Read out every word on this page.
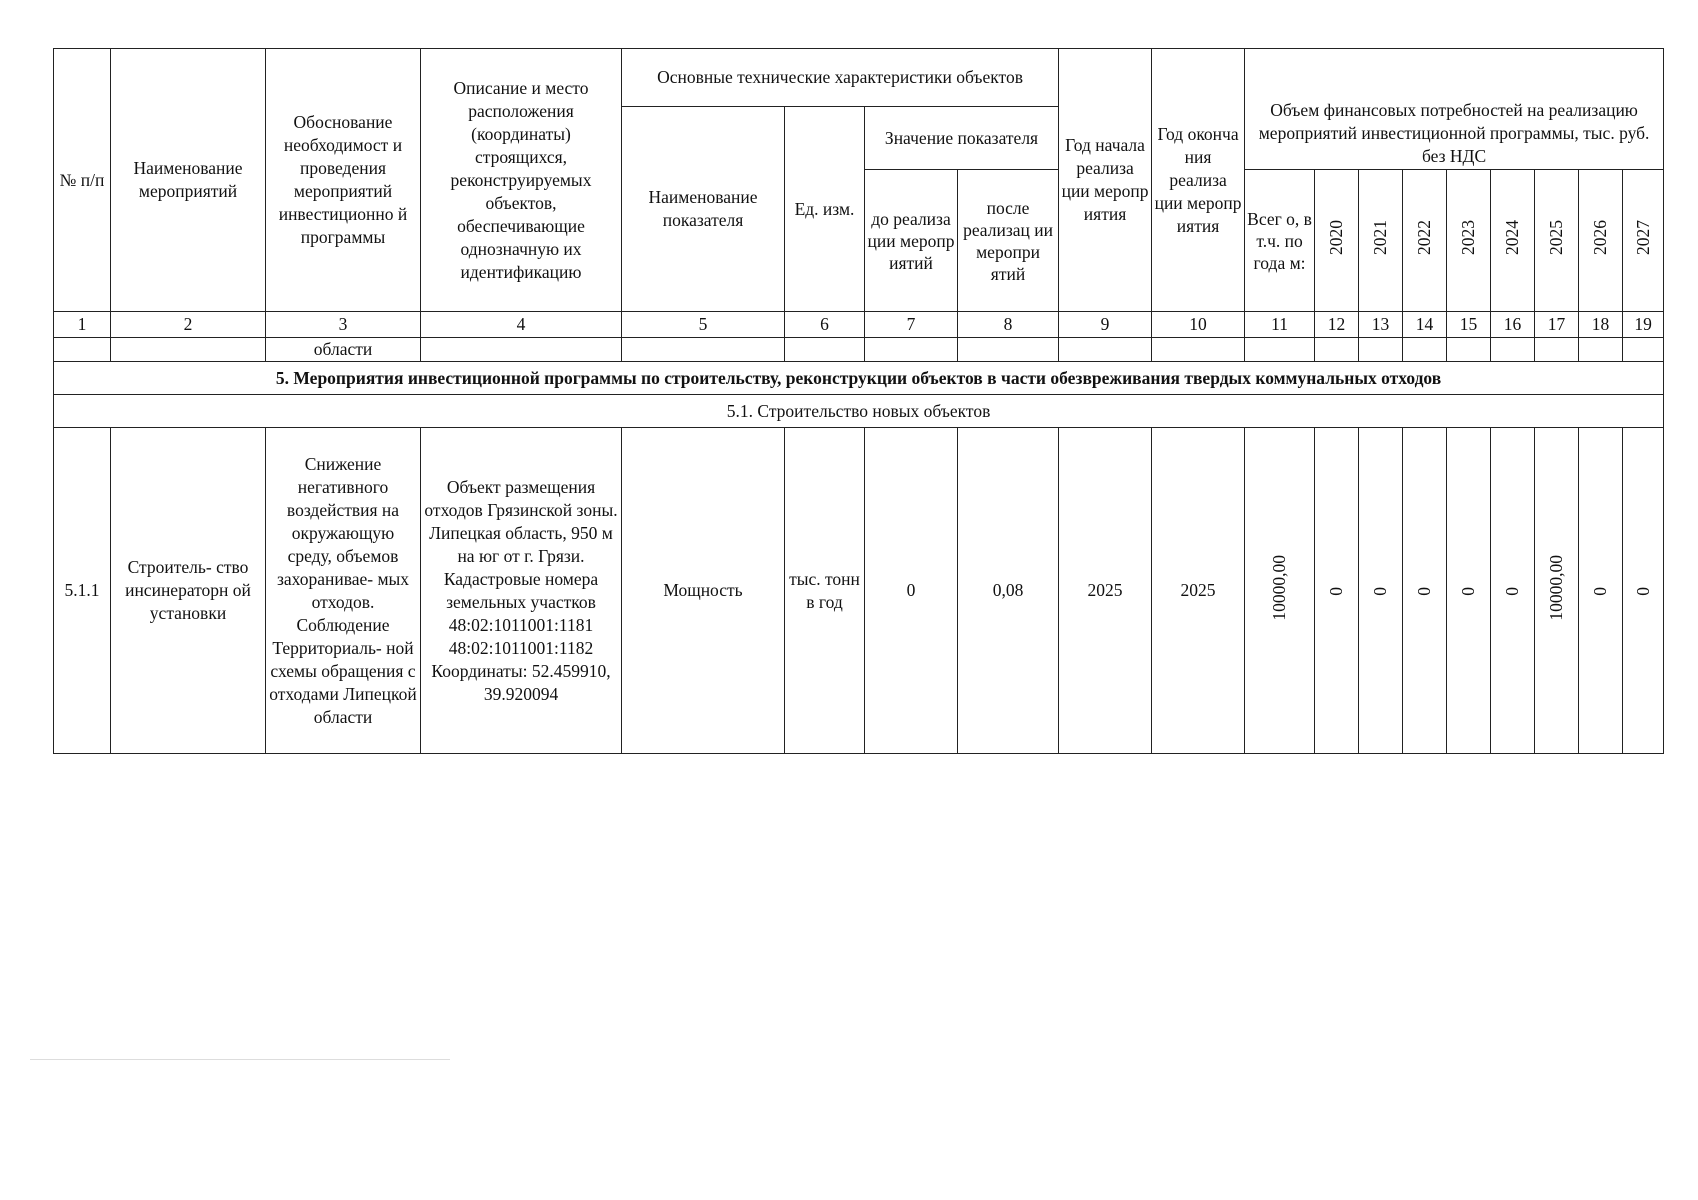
№ п/п	Наименование мероприятий	Обоснование необходимост и проведения мероприятий инвестиционно й программы	Описание и место расположения (координаты) строящихся, реконструируемых объектов, обеспечивающие однозначную их идентификацию	Основные технические характеристики объектов				Год начала реализа ции меропр иятия	Год оконча ния реализа ции меропр иятия	Объем финансовых потребностей на реализацию мероприятий инвестиционной программы, тыс. руб. без НДС								
				Наименование показателя	Ед. изм.	Значение показателя												
						до реализа ции меропр иятий	после реализац ии меропри ятий			Всег о, в т.ч. по года м:	2020	2021	2022	2023	2024	2025	2026	2027
1	2	3	4	5	6	7	8	9	10	11	12	13	14	15	16	17	18	19
		области																
5. Мероприятия инвестиционной программы по строительству, реконструкции объектов в части обезвреживания твердых коммунальных отходов																		
5.1. Строительство новых объектов																		
5.1.1	Строитель- ство инсинераторн ой установки	Снижение негативного воздействия на окружающую среду, объемов захоранивае- мых отходов. Соблюдение Территориаль- ной схемы обращения с отходами Липецкой области	Объект размещения отходов Грязинской зоны. Липецкая область, 950 м на юг от г. Грязи. Кадастровые номера земельных участков 48:02:1011001:1181 48:02:1011001:1182 Координаты: 52.459910, 39.920094	Мощность	тыс. тонн в год	0	0,08	2025	2025	10000,00	0	0	0	0	0	10000,00	0	0
